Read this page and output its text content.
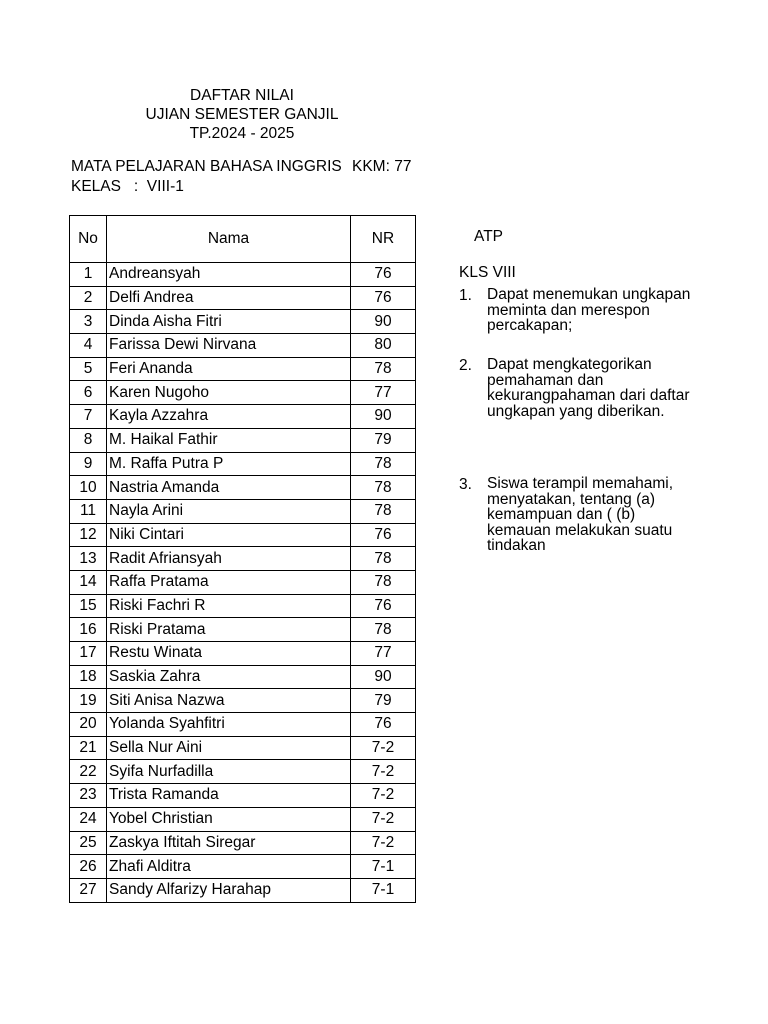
DAFTAR NILAI
UJIAN SEMESTER GANJIL
TP.2024 - 2025
MATA PELAJARAN BAHASA INGGRIS KKM: 77
KELAS   :  VIII-1
No	Nama	NR
1	Andreansyah	76
2	Delfi Andrea	76
3	Dinda Aisha Fitri	90
4	Farissa Dewi Nirvana	80
5	Feri Ananda	78
6	Karen Nugoho	77
7	Kayla Azzahra	90
8	M. Haikal Fathir	79
9	M. Raffa Putra P	78
10	Nastria Amanda	78
11	Nayla Arini	78
12	Niki Cintari	76
13	Radit Afriansyah	78
14	Raffa Pratama	78
15	Riski Fachri R	76
16	Riski Pratama	78
17	Restu Winata	77
18	Saskia Zahra	90
19	Siti Anisa Nazwa	79
20	Yolanda Syahfitri	76
21	Sella Nur Aini	7-2
22	Syifa Nurfadilla	7-2
23	Trista Ramanda	7-2
24	Yobel Christian	7-2
25	Zaskya Iftitah Siregar	7-2
26	Zhafi Alditra	7-1
27	Sandy Alfarizy Harahap	7-1
ATP
KLS VIII
1. Dapat menemukan ungkapan meminta dan merespon percakapan;
2. Dapat mengkategorikan pemahaman dan kekurangpahaman dari daftar ungkapan yang diberikan.
3. Siswa terampil memahami, menyatakan, tentang (a) kemampuan dan ( (b) kemauan melakukan suatu tindakan
